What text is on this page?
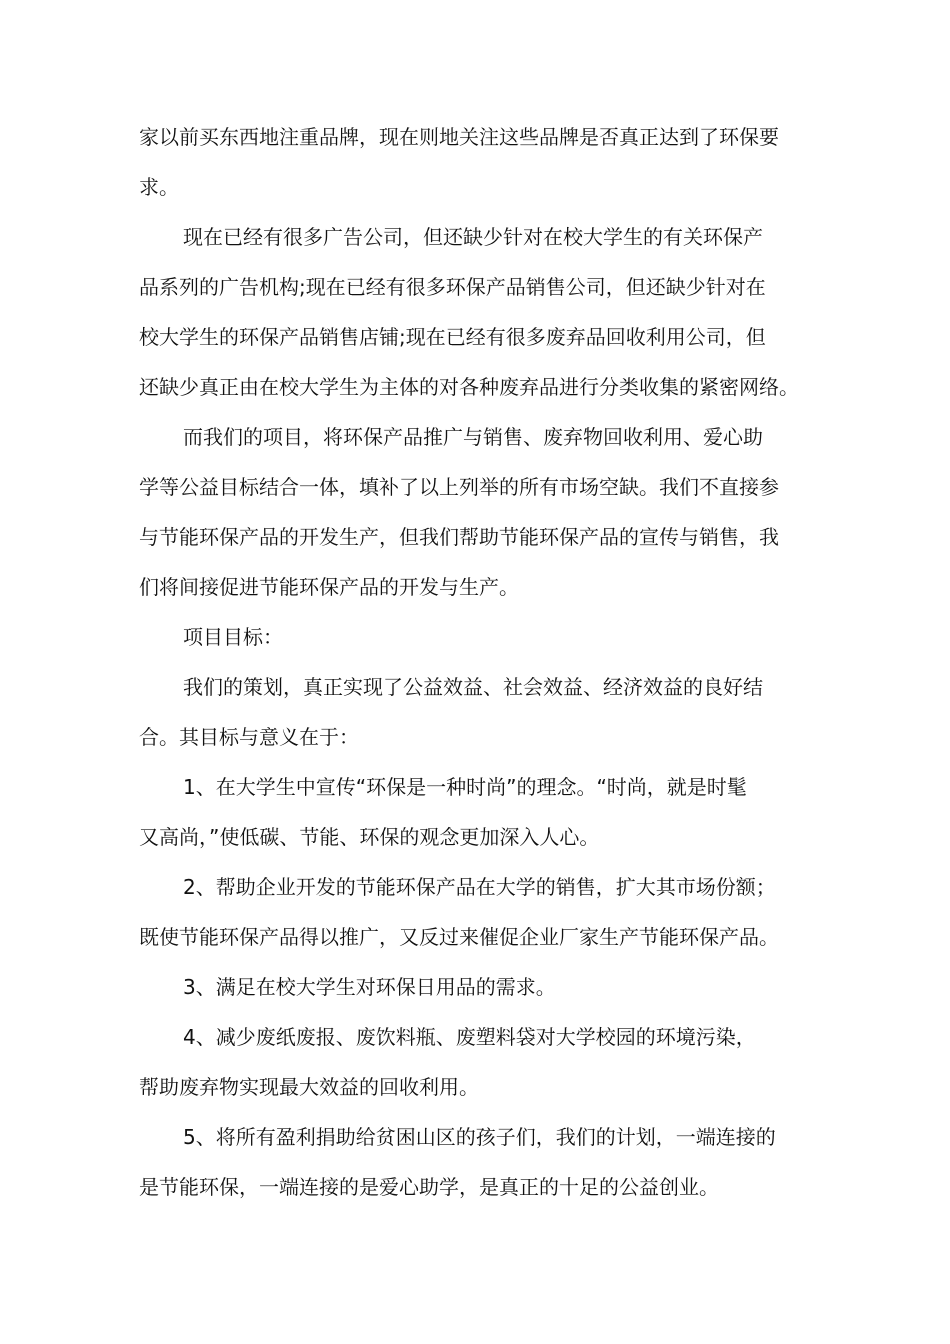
家以前买东西地注重品牌，现在则地关注这些品牌是否真正达到了环保要
求。
现在已经有很多广告公司，但还缺少针对在校大学生的有关环保产
品系列的广告机构;现在已经有很多环保产品销售公司，但还缺少针对在
校大学生的环保产品销售店铺;现在已经有很多废弃品回收利用公司，但
还缺少真正由在校大学生为主体的对各种废弃品进行分类收集的紧密网络。
而我们的项目，将环保产品推广与销售、废弃物回收利用、爱心助
学等公益目标结合一体，填补了以上列举的所有市场空缺。我们不直接参
与节能环保产品的开发生产，但我们帮助节能环保产品的宣传与销售，我
们将间接促进节能环保产品的开发与生产。
项目目标：
我们的策划，真正实现了公益效益、社会效益、经济效益的良好结
合。其目标与意义在于：
1、在大学生中宣传“环保是一种时尚”的理念。“时尚，就是时髦
又高尚，”使低碳、节能、环保的观念更加深入人心。
2、帮助企业开发的节能环保产品在大学的销售，扩大其市场份额；
既使节能环保产品得以推广，又反过来催促企业厂家生产节能环保产品。
3、满足在校大学生对环保日用品的需求。
4、减少废纸废报、废饮料瓶、废塑料袋对大学校园的环境污染，
帮助废弃物实现最大效益的回收利用。
5、将所有盈利捐助给贫困山区的孩子们，我们的计划，一端连接的
是节能环保，一端连接的是爱心助学，是真正的十足的公益创业。
